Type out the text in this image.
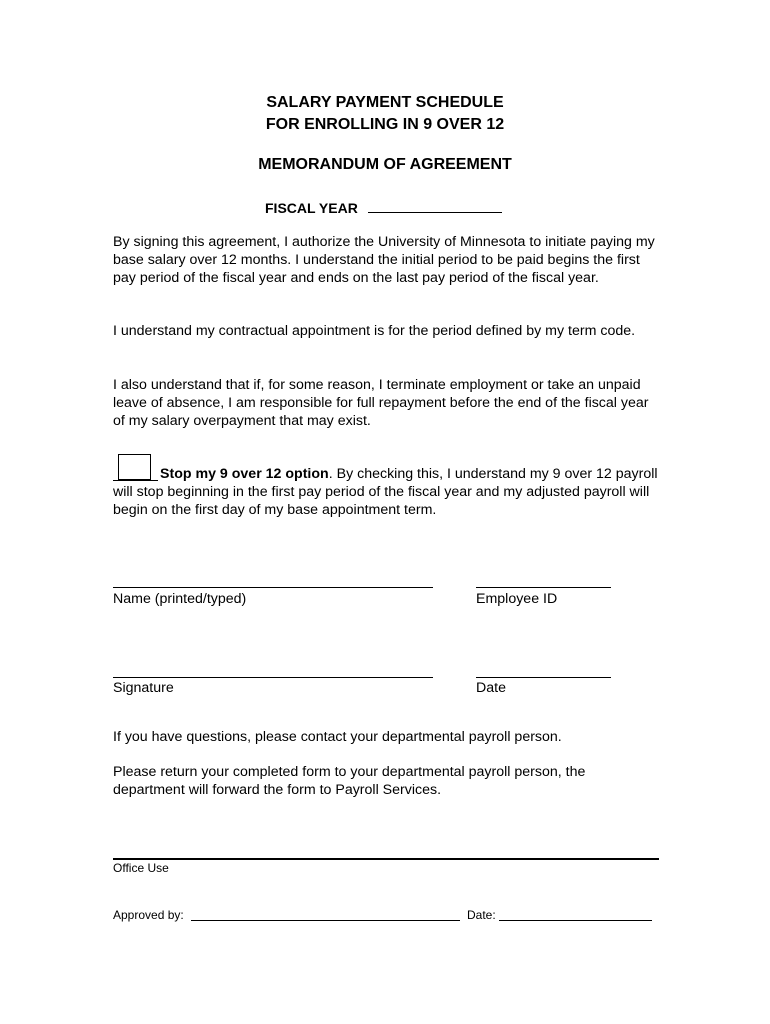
SALARY PAYMENT SCHEDULE
FOR ENROLLING IN 9 OVER 12
MEMORANDUM OF AGREEMENT
FISCAL YEAR
By signing this agreement, I authorize the University of Minnesota to initiate paying my base salary over 12 months. I understand the initial period to be paid begins the first pay period of the fiscal year and ends on the last pay period of the fiscal year.
I understand my contractual appointment is for the period defined by my term code.
I also understand that if, for some reason, I terminate employment or take an unpaid leave of absence, I am responsible for full repayment before the end of the fiscal year of my salary overpayment that may exist.
Stop my 9 over 12 option. By checking this, I understand my 9 over 12 payroll will stop beginning in the first pay period of the fiscal year and my adjusted payroll will begin on the first day of my base appointment term.
Name (printed/typed)	Employee ID
Signature	Date
If you have questions, please contact your departmental payroll person.
Please return your completed form to your departmental payroll person, the department will forward the form to Payroll Services.
Office Use
Approved by:	Date:
